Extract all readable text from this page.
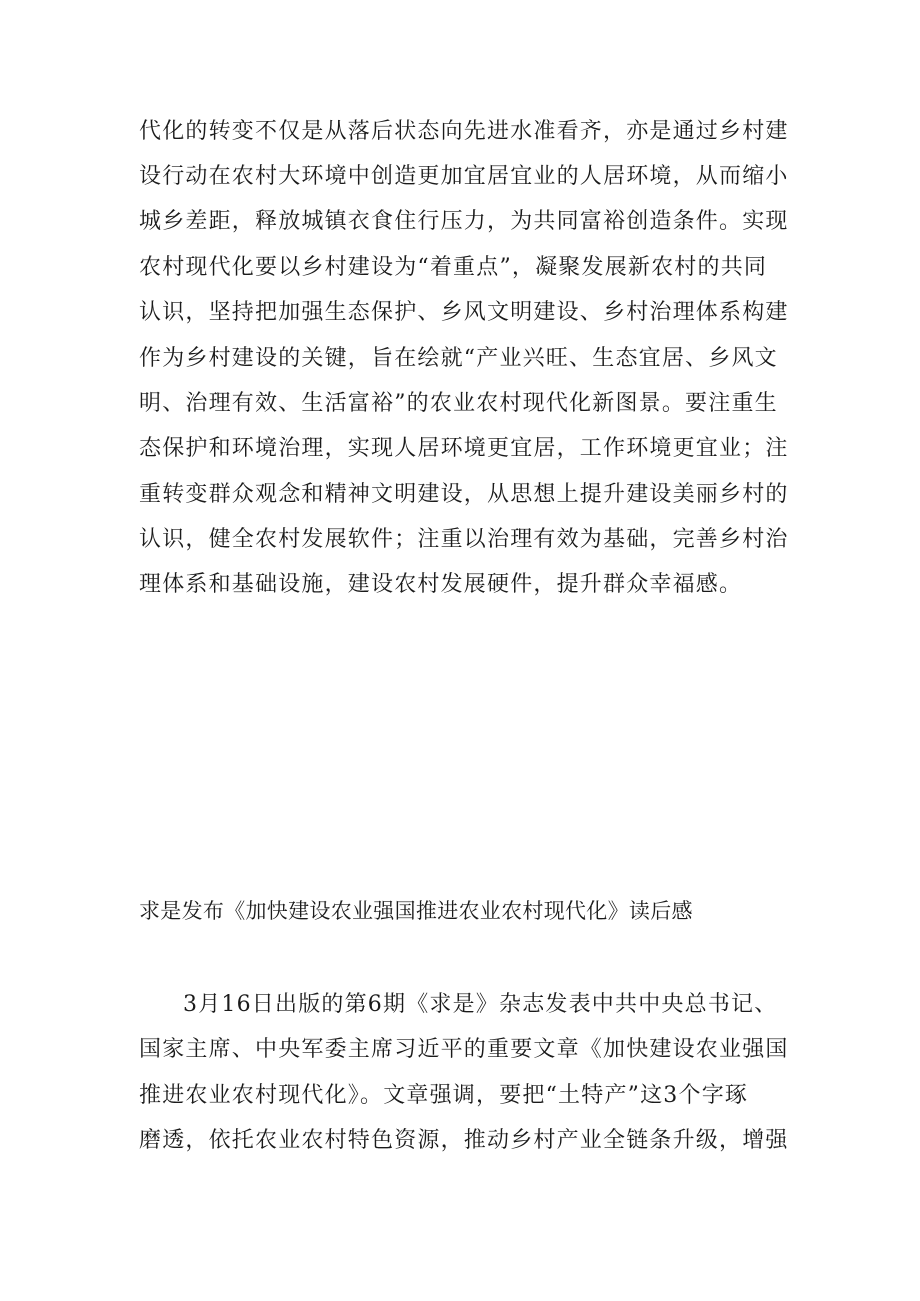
代化的转变不仅是从落后状态向先进水准看齐，亦是通过乡村建
设行动在农村大环境中创造更加宜居宜业的人居环境，从而缩小
城乡差距，释放城镇衣食住行压力，为共同富裕创造条件。实现
农村现代化要以乡村建设为“着重点”，凝聚发展新农村的共同
认识，坚持把加强生态保护、乡风文明建设、乡村治理体系构建
作为乡村建设的关键，旨在绘就“产业兴旺、生态宜居、乡风文
明、治理有效、生活富裕”的农业农村现代化新图景。要注重生
态保护和环境治理，实现人居环境更宜居，工作环境更宜业；注
重转变群众观念和精神文明建设，从思想上提升建设美丽乡村的
认识，健全农村发展软件；注重以治理有效为基础，完善乡村治
理体系和基础设施，建设农村发展硬件，提升群众幸福感。
求是发布《加快建设农业强国推进农业农村现代化》读后感
3月16日出版的第6期《求是》杂志发表中共中央总书记、
国家主席、中央军委主席习近平的重要文章《加快建设农业强国
推进农业农村现代化》。文章强调，要把“土特产”这3个字琢
磨透，依托农业农村特色资源，推动乡村产业全链条升级，增强
